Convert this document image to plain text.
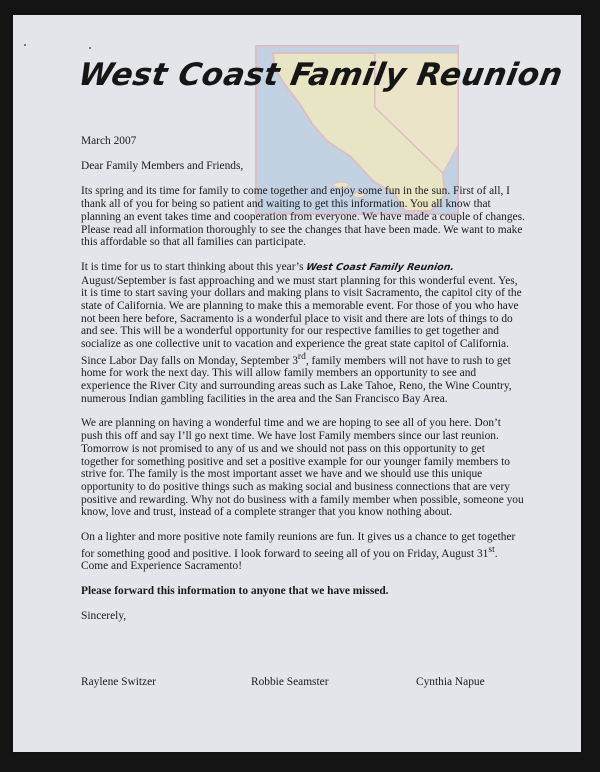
West Coast Family Reunion

March 2007

Dear Family Members and Friends,

Its spring and its time for family to come together and enjoy some fun in the sun. First of all, I thank all of you for being so patient and waiting to get this information. You all know that planning an event takes time and cooperation from everyone. We have made a couple of changes. Please read all information thoroughly to see the changes that have been made. We want to make this affordable so that all families can participate.

It is time for us to start thinking about this year’s West Coast Family Reunion. August/September is fast approaching and we must start planning for this wonderful event. Yes, it is time to start saving your dollars and making plans to visit Sacramento, the capitol city of the state of California. We are planning to make this a memorable event. For those of you who have not been here before, Sacramento is a wonderful place to visit and there are lots of things to do and see. This will be a wonderful opportunity for our respective families to get together and socialize as one collective unit to vacation and experience the great state capitol of California. Since Labor Day falls on Monday, September 3rd, family members will not have to rush to get home for work the next day. This will allow family members an opportunity to see and experience the River City and surrounding areas such as Lake Tahoe, Reno, the Wine Country, numerous Indian gambling facilities in the area and the San Francisco Bay Area.

We are planning on having a wonderful time and we are hoping to see all of you here. Don’t push this off and say I’ll go next time. We have lost Family members since our last reunion. Tomorrow is not promised to any of us and we should not pass on this opportunity to get together for something positive and set a positive example for our younger family members to strive for. The family is the most important asset we have and we should use this unique opportunity to do positive things such as making social and business connections that are very positive and rewarding. Why not do business with a family member when possible, someone you know, love and trust, instead of a complete stranger that you know nothing about.

On a lighter and more positive note family reunions are fun. It gives us a chance to get together for something good and positive. I look forward to seeing all of you on Friday, August 31st. Come and Experience Sacramento!

Please forward this information to anyone that we have missed.

Sincerely,

Raylene Switzer	Robbie Seamster	Cynthia Napue
